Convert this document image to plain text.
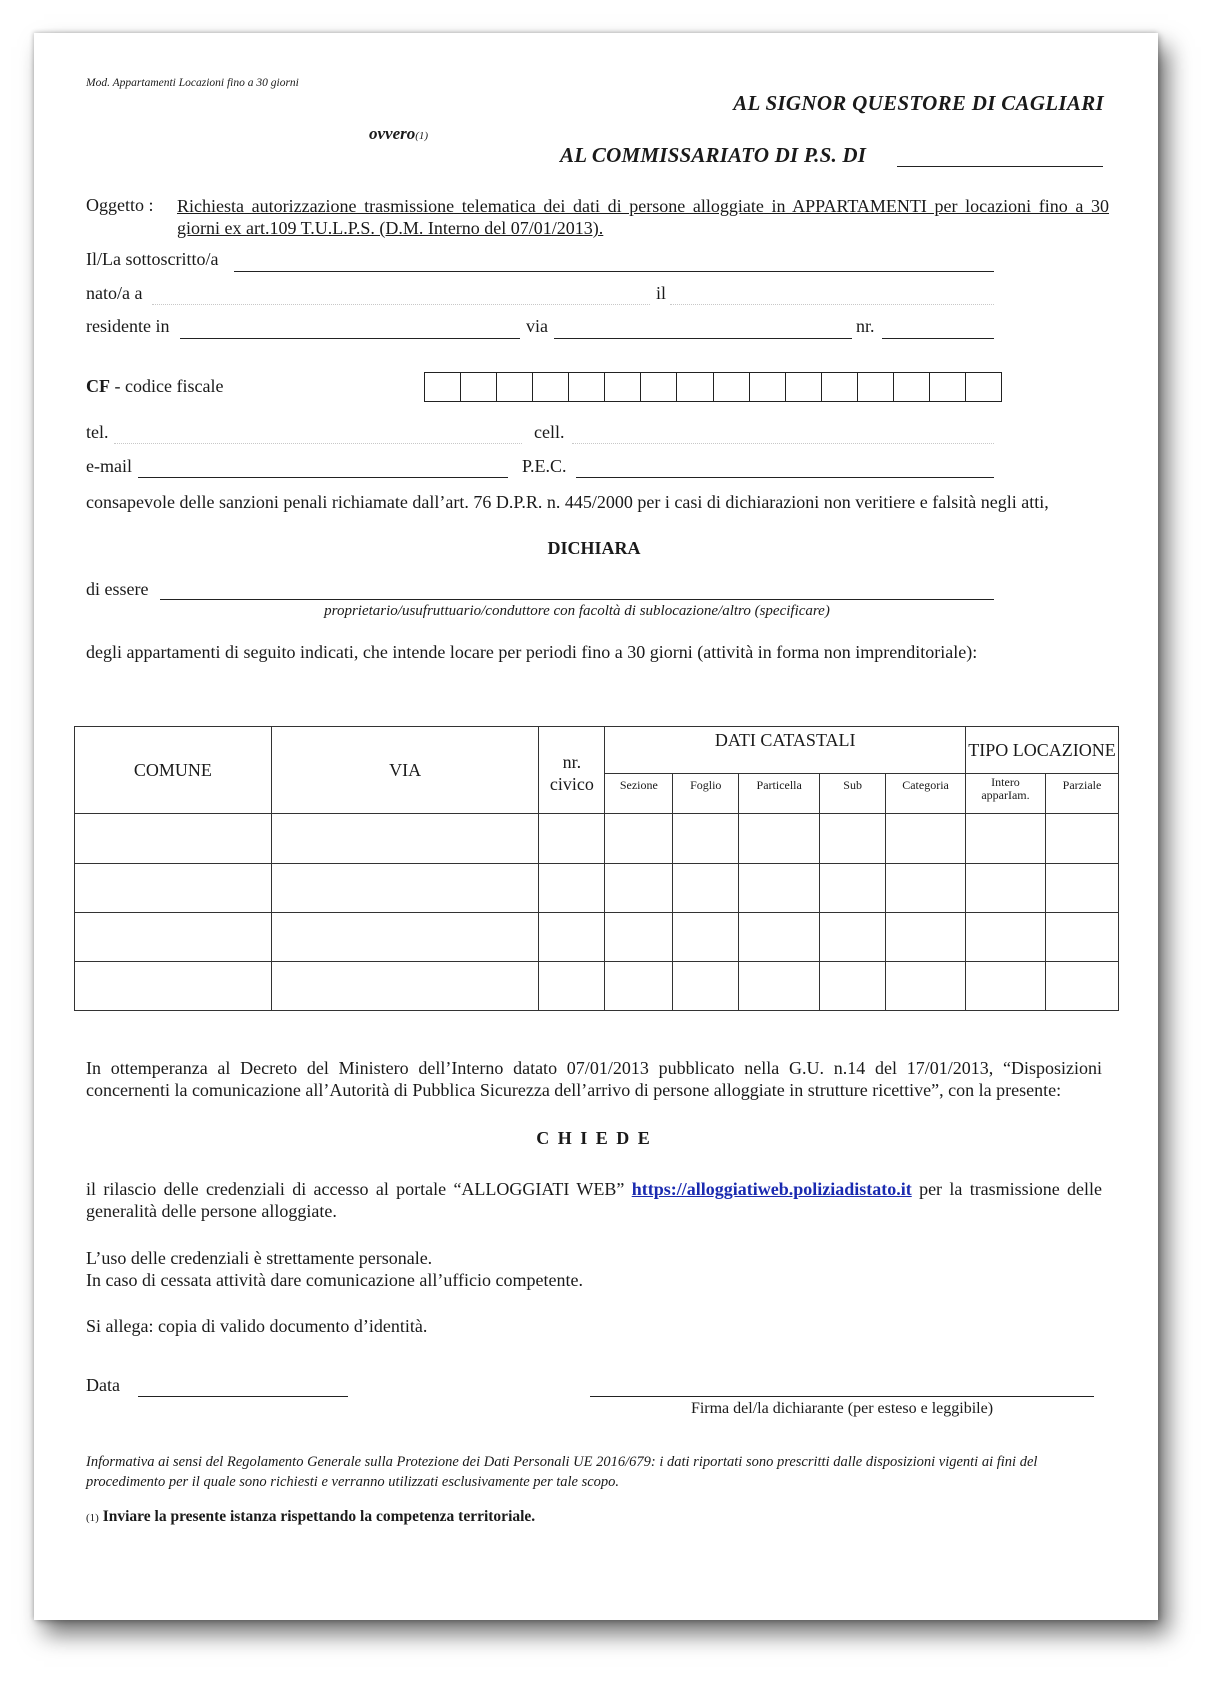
Mod. Appartamenti Locazioni fino a 30 giorni
AL SIGNOR QUESTORE DI CAGLIARI
ovvero(1)
AL COMMISSARIATO DI P.S. DI
Oggetto : Richiesta autorizzazione trasmissione telematica dei dati di persone alloggiate in APPARTAMENTI per locazioni fino a 30 giorni ex art.109 T.U.L.P.S. (D.M. Interno del 07/01/2013).
Il/La sottoscritto/a
nato/a a	il
residente in	via	nr.
CF - codice fiscale
tel.	cell.
e-mail	P.E.C.
consapevole delle sanzioni penali richiamate dall’art. 76 D.P.R. n. 445/2000 per i casi di dichiarazioni non veritiere e falsità negli atti,
DICHIARA
di essere
proprietario/usufruttuario/conduttore con facoltà di sublocazione/altro (specificare)
degli appartamenti di seguito indicati, che intende locare per periodi fino a 30 giorni (attività in forma non imprenditoriale):
COMUNE	VIA	nr. civico	DATI CATASTALI					TIPO LOCAZIONE	
			Sezione	Foglio	Particella	Sub	Categoria	Intero apparIam.	Parziale

In ottemperanza al Decreto del Ministero dell’Interno datato 07/01/2013 pubblicato nella G.U. n.14 del 17/01/2013, “Disposizioni concernenti la comunicazione all’Autorità di Pubblica Sicurezza dell’arrivo di persone alloggiate in strutture ricettive”, con la presente:
C H I E D E
il rilascio delle credenziali di accesso al portale “ALLOGGIATI WEB” https://alloggiatiweb.poliziadistato.it per la trasmissione delle generalità delle persone alloggiate.
L’uso delle credenziali è strettamente personale.
In caso di cessata attività dare comunicazione all’ufficio competente.
Si allega: copia di valido documento d’identità.
Data
Firma del/la dichiarante (per esteso e leggibile)
Informativa ai sensi del Regolamento Generale sulla Protezione dei Dati Personali UE 2016/679: i dati riportati sono prescritti dalle disposizioni vigenti ai fini del procedimento per il quale sono richiesti e verranno utilizzati esclusivamente per tale scopo.
(1) Inviare la presente istanza rispettando la competenza territoriale.
